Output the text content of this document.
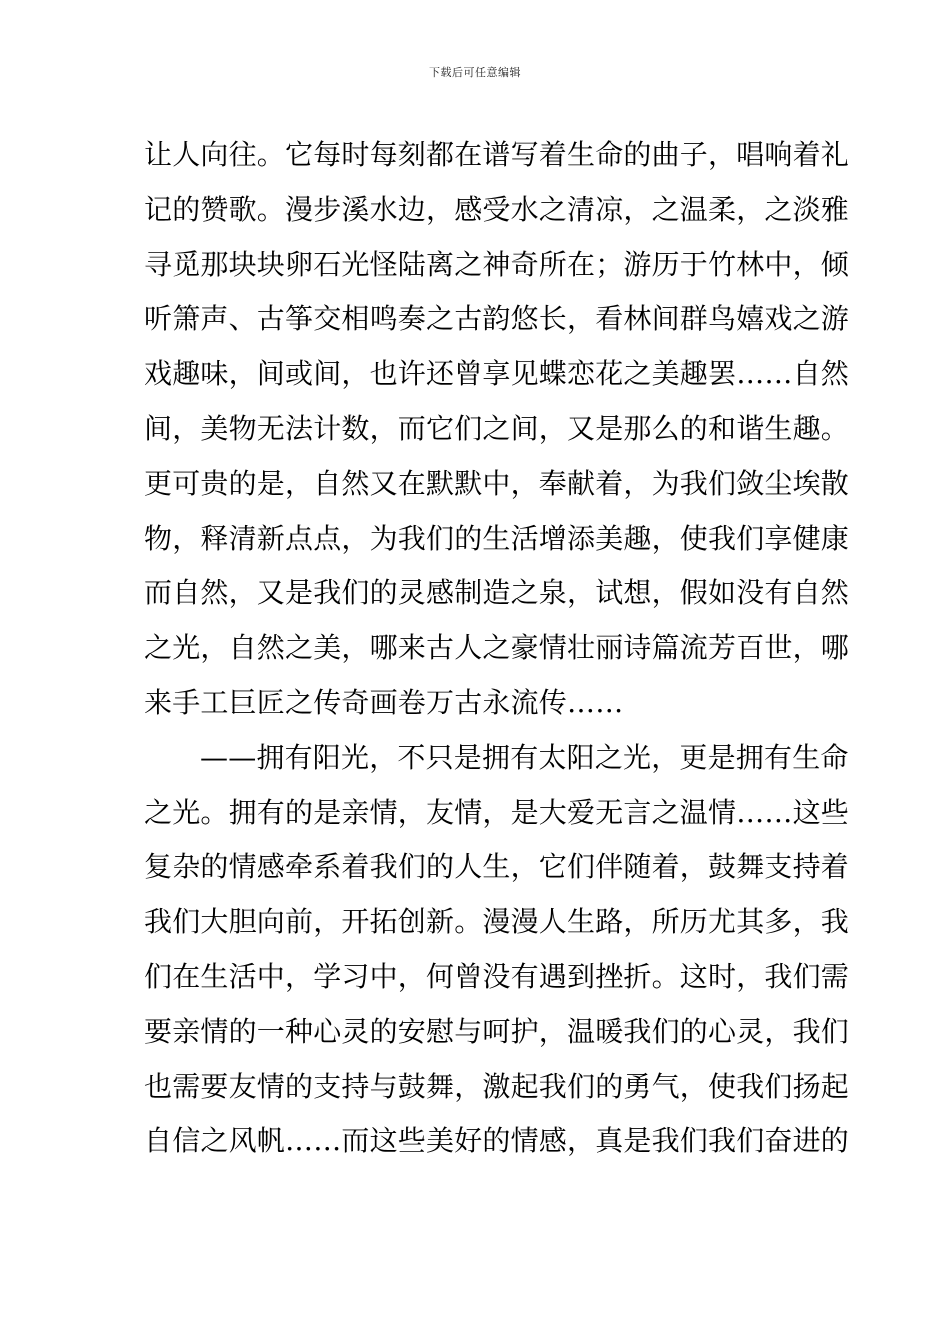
下载后可任意编辑
让人向往。它每时每刻都在谱写着生命的曲子，唱响着礼
记的赞歌。漫步溪水边，感受水之清凉，之温柔，之淡雅
寻觅那块块卵石光怪陆离之神奇所在；游历于竹林中，倾
听箫声、古筝交相鸣奏之古韵悠长，看林间群鸟嬉戏之游
戏趣味，间或间，也许还曾享见蝶恋花之美趣罢……自然
间，美物无法计数，而它们之间，又是那么的和谐生趣。
更可贵的是，自然又在默默中，奉献着，为我们敛尘埃散
物，释清新点点，为我们的生活增添美趣，使我们享健康
而自然，又是我们的灵感制造之泉，试想，假如没有自然
之光，自然之美，哪来古人之豪情壮丽诗篇流芳百世，哪
来手工巨匠之传奇画卷万古永流传……
——拥有阳光，不只是拥有太阳之光，更是拥有生命
之光。拥有的是亲情，友情，是大爱无言之温情……这些
复杂的情感牵系着我们的人生，它们伴随着，鼓舞支持着
我们大胆向前，开拓创新。漫漫人生路，所历尤其多，我
们在生活中，学习中，何曾没有遇到挫折。这时，我们需
要亲情的一种心灵的安慰与呵护，温暖我们的心灵，我们
也需要友情的支持与鼓舞，激起我们的勇气，使我们扬起
自信之风帆……而这些美好的情感，真是我们我们奋进的
